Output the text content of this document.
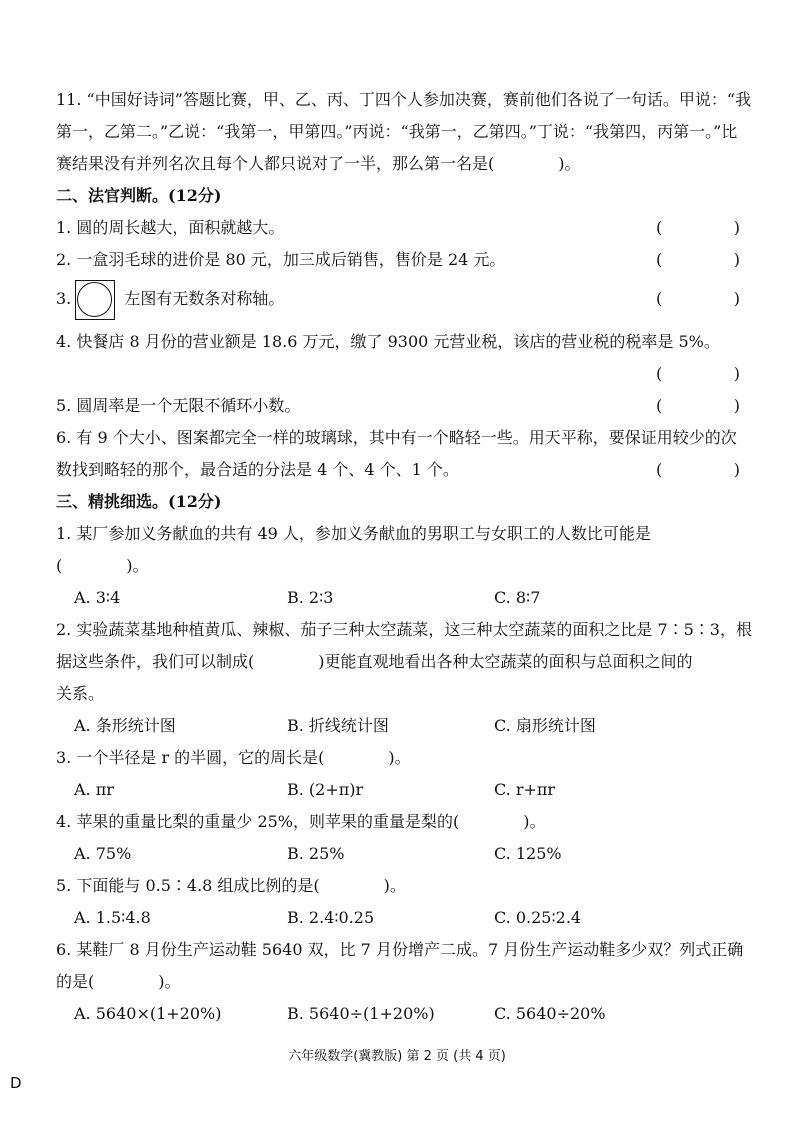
11. “中国好诗词”答题比赛，甲、乙、丙、丁四个人参加决赛，赛前他们各说了一句话。甲说：“我
第一，乙第二。”乙说：“我第一，甲第四。”丙说：“我第一，乙第四。”丁说：“我第四，丙第一。”比
赛结果没有并列名次且每个人都只说对了一半，那么第一名是(　　　　)。
二、法官判断。(12分)
1. 圆的周长越大，面积就越大。	(	)
2. 一盒羽毛球的进价是 80 元，加三成后销售，售价是 24 元。	(	)
3.	左图有无数条对称轴。	(	)
4. 快餐店 8 月份的营业额是 18.6 万元，缴了 9300 元营业税，该店的营业税的税率是 5%。
(	)
5. 圆周率是一个无限不循环小数。	(	)
6. 有 9 个大小、图案都完全一样的玻璃球，其中有一个略轻一些。用天平称，要保证用较少的次
数找到略轻的那个，最合适的分法是 4 个、4 个、1 个。	(	)
三、精挑细选。(12分)
1. 某厂参加义务献血的共有 49 人，参加义务献血的男职工与女职工的人数比可能是
(　　　　)。
A. 3∶4	B. 2∶3	C. 8∶7
2. 实验蔬菜基地种植黄瓜、辣椒、茄子三种太空蔬菜，这三种太空蔬菜的面积之比是 7∶5∶3，根
据这些条件，我们可以制成(　　　　)更能直观地看出各种太空蔬菜的面积与总面积之间的
关系。
A. 条形统计图	B. 折线统计图	C. 扇形统计图
3. 一个半径是 r 的半圆，它的周长是(　　　　)。
A. πr	B. (2+π)r	C. r+πr
4. 苹果的重量比梨的重量少 25%，则苹果的重量是梨的(　　　　)。
A. 75%	B. 25%	C. 125%
5. 下面能与 0.5∶4.8 组成比例的是(　　　　)。
A. 1.5∶4.8	B. 2.4∶0.25	C. 0.25∶2.4
6. 某鞋厂 8 月份生产运动鞋 5640 双，比 7 月份增产二成。7 月份生产运动鞋多少双？列式正确
的是(　　　　)。
A. 5640×(1+20%)	B. 5640÷(1+20%)	C. 5640÷20%
六年级数学(冀教版) 第 2 页 (共 4 页)
D
